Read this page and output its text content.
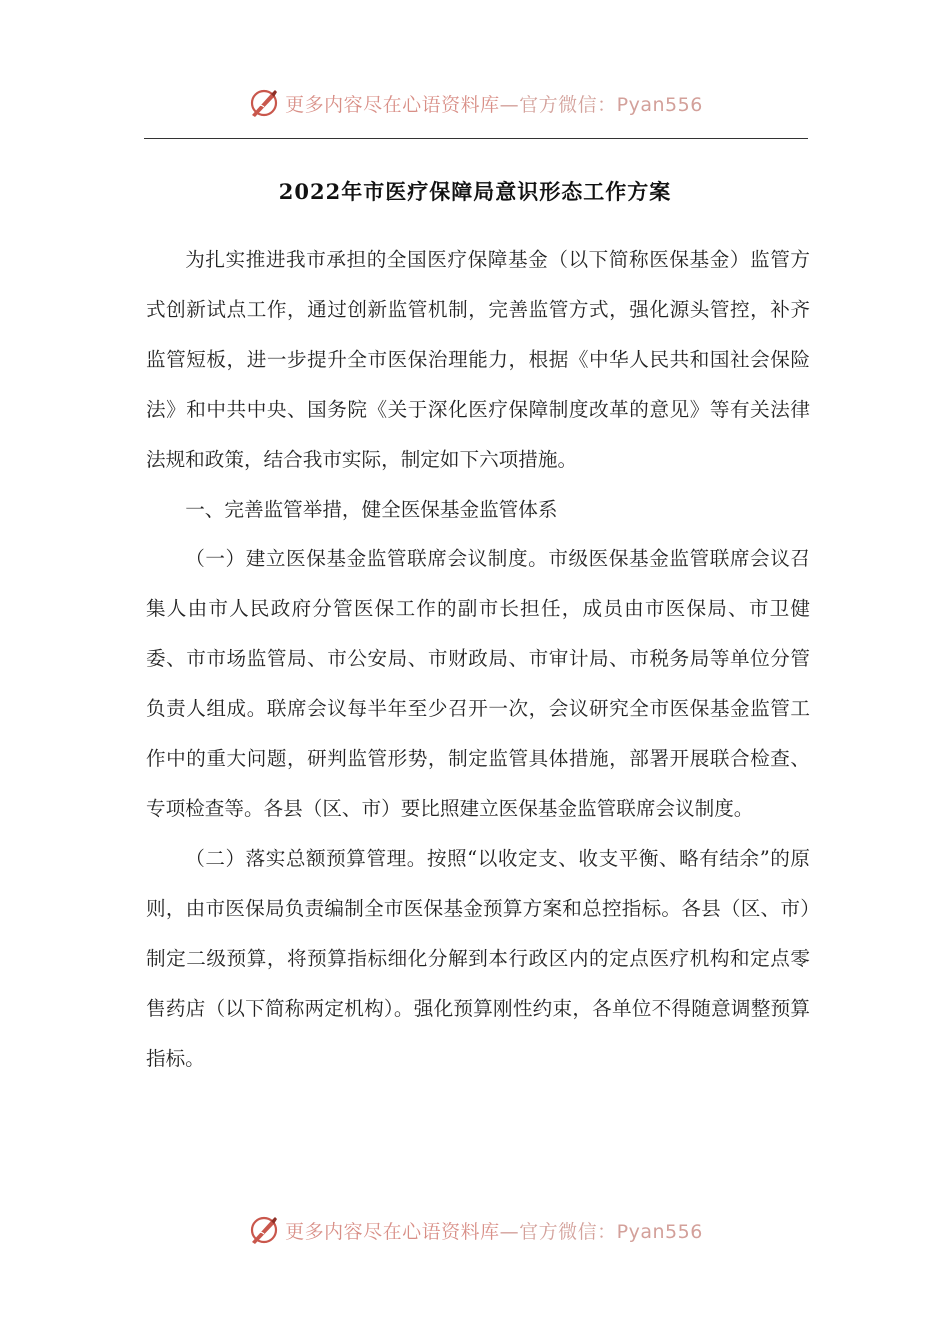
更多内容尽在心语资料库—官方微信：Pyan556
2022年市医疗保障局意识形态工作方案

为扎实推进我市承担的全国医疗保障基金（以下简称医保基金）监管方式创新试点工作，通过创新监管机制，完善监管方式，强化源头管控，补齐监管短板，进一步提升全市医保治理能力，根据《中华人民共和国社会保险法》和中共中央、国务院《关于深化医疗保障制度改革的意见》等有关法律法规和政策，结合我市实际，制定如下六项措施。

一、完善监管举措，健全医保基金监管体系

（一）建立医保基金监管联席会议制度。市级医保基金监管联席会议召集人由市人民政府分管医保工作的副市长担任，成员由市医保局、市卫健委、市市场监管局、市公安局、市财政局、市审计局、市税务局等单位分管负责人组成。联席会议每半年至少召开一次，会议研究全市医保基金监管工作中的重大问题，研判监管形势，制定监管具体措施，部署开展联合检查、专项检查等。各县（区、市）要比照建立医保基金监管联席会议制度。

（二）落实总额预算管理。按照“以收定支、收支平衡、略有结余”的原则，由市医保局负责编制全市医保基金预算方案和总控指标。各县（区、市）制定二级预算，将预算指标细化分解到本行政区内的定点医疗机构和定点零售药店（以下简称两定机构）。强化预算刚性约束，各单位不得随意调整预算指标。

更多内容尽在心语资料库—官方微信：Pyan556
